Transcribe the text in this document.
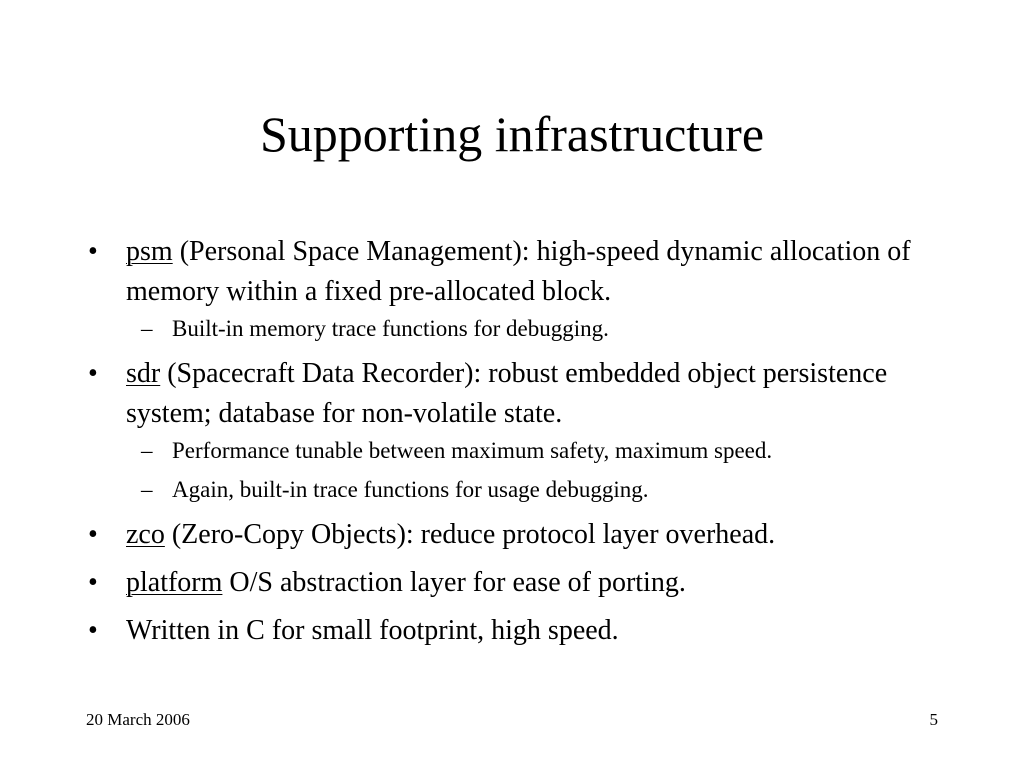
Supporting infrastructure
• psm (Personal Space Management): high-speed dynamic allocation of memory within a fixed pre-allocated block.
– Built-in memory trace functions for debugging.
• sdr (Spacecraft Data Recorder): robust embedded object persistence system; database for non-volatile state.
– Performance tunable between maximum safety, maximum speed.
– Again, built-in trace functions for usage debugging.
• zco (Zero-Copy Objects): reduce protocol layer overhead.
• platform O/S abstraction layer for ease of porting.
• Written in C for small footprint, high speed.
20 March 2006	5
